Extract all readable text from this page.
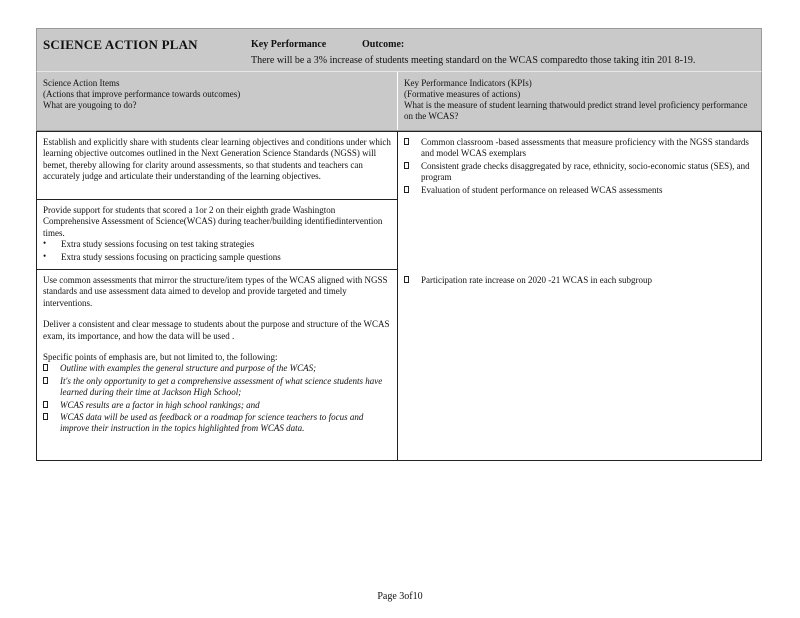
SCIENCE ACTION PLAN	Key Performance	Outcome:
There will be a 3% increase of students meeting standard on the WCAS comparedto those taking itin 201 8-19.
Science Action Items
(Actions that improve performance towards outcomes)
What are yougoing to do?
Key Performance Indicators (KPIs)
(Formative measures of actions)
What is the measure of student learning thatwould predict strand level proficiency performance on the WCAS?
Establish and explicitly share with students clear learning objectives and conditions under which learning objective outcomes outlined in the Next Generation Science Standards (NGSS) will bemet, thereby allowing for clarity around assessments, so that students and teachers can accurately judge and articulate their understanding of the learning objectives.
Common classroom -based assessments that measure proficiency with the NGSS standards and model WCAS exemplars
Consistent grade checks disaggregated by race, ethnicity, socio-economic status (SES), and program
Evaluation of student performance on released WCAS assessments
Provide support for students that scored a 1or 2 on their eighth grade Washington Comprehensive Assessment of Science(WCAS) during teacher/building identifiedintervention times.
•
Extra study sessions focusing on test taking strategies
•
Extra study sessions focusing on practicing sample questions
Use common assessments that mirror the structure/item types of the WCAS aligned with NGSS standards and use assessment data aimed to develop and provide targeted and timely interventions.
Deliver a consistent and clear message to students about the purpose and structure of the WCAS exam, its importance, and how the data will be used .
Specific points of emphasis are, but not limited to, the following:
Outline with examples the general structure and purpose of the WCAS;
It's the only opportunity to get a comprehensive assessment of what science students have learned during their time at Jackson High School;
WCAS results are a factor in high school rankings; and
WCAS data will be used as feedback or a roadmap for science teachers to focus and improve their instruction in the topics highlighted from WCAS data.
Participation rate increase on 2020 -21 WCAS in each subgroup
Page 3of10
